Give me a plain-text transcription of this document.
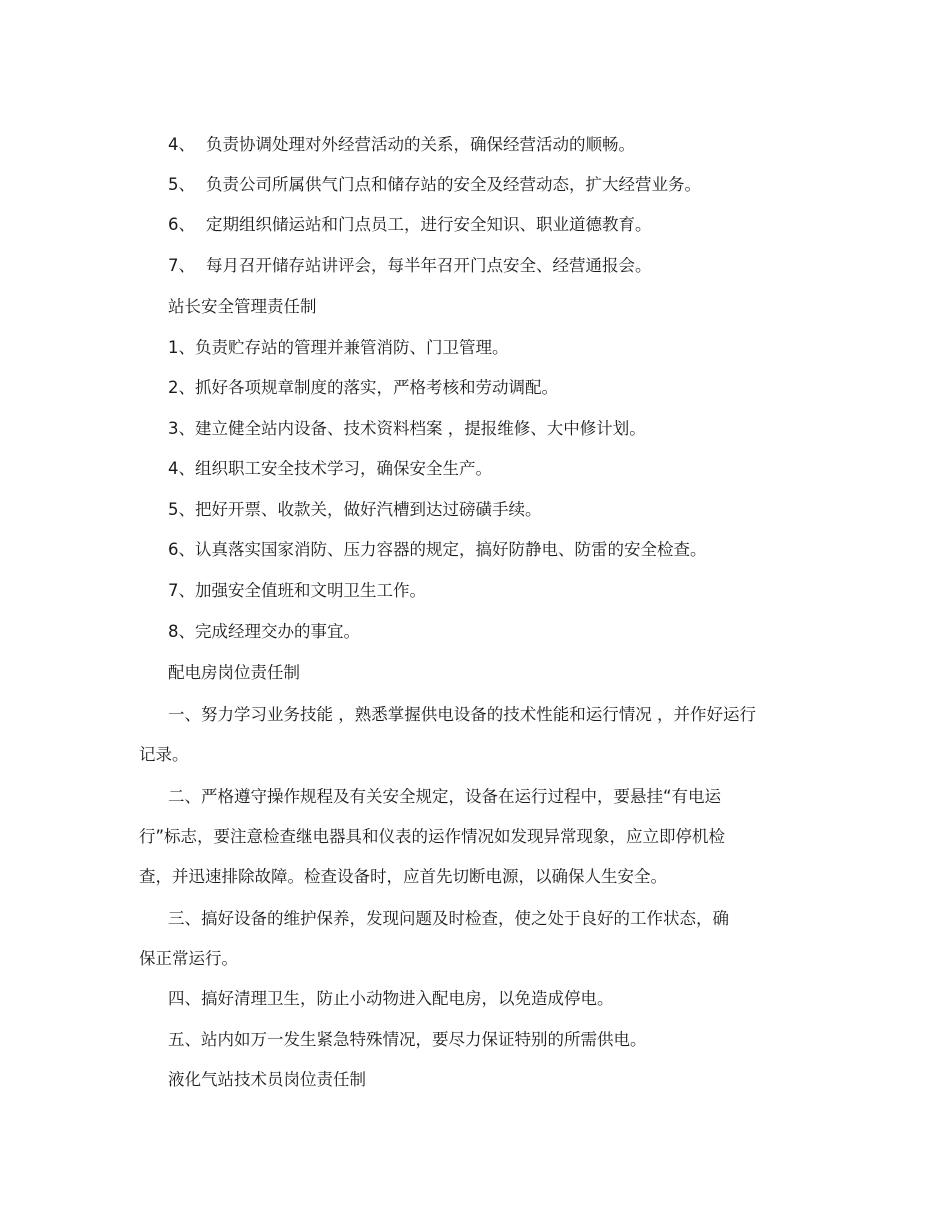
4、 负责协调处理对外经营活动的关系，确保经营活动的顺畅。
5、 负责公司所属供气门点和储存站的安全及经营动态，扩大经营业务。
6、 定期组织储运站和门点员工，进行安全知识、职业道德教育。
7、 每月召开储存站讲评会，每半年召开门点安全、经营通报会。
站长安全管理责任制
1、负责贮存站的管理并兼管消防、门卫管理。
2、抓好各项规章制度的落实，严格考核和劳动调配。
3、建立健全站内设备、技术资料档案 ，提报维修、大中修计划。
4、组织职工安全技术学习，确保安全生产。
5、把好开票、收款关，做好汽槽到达过磅磺手续。
6、认真落实国家消防、压力容器的规定，搞好防静电、防雷的安全检查。
7、加强安全值班和文明卫生工作。
8、完成经理交办的事宜。
配电房岗位责任制
一、努力学习业务技能 ，熟悉掌握供电设备的技术性能和运行情况 ，并作好运行
记录。
二、严格遵守操作规程及有关安全规定，设备在运行过程中，要悬挂“有电运
行”标志，要注意检查继电器具和仪表的运作情况如发现异常现象，应立即停机检
查，并迅速排除故障。检查设备时，应首先切断电源，以确保人生安全。
三、搞好设备的维护保养，发现问题及时检查，使之处于良好的工作状态，确
保正常运行。
四、搞好清理卫生，防止小动物进入配电房，以免造成停电。
五、站内如万一发生紧急特殊情况，要尽力保证特别的所需供电。
液化气站技术员岗位责任制
